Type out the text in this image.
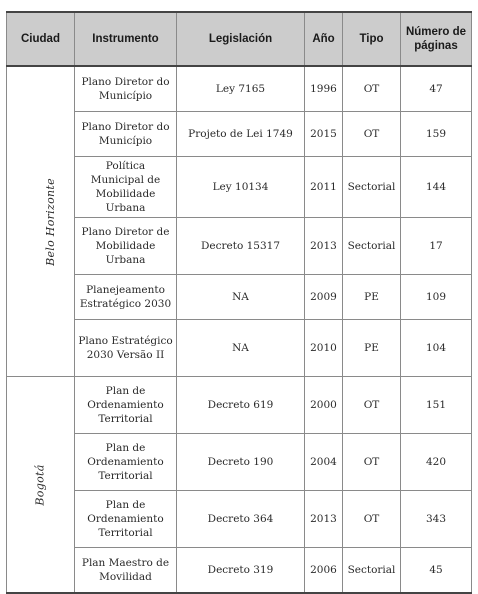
Ciudad	Instrumento	Legislación	Año	Tipo	Número de páginas
Belo Horizonte	Plano Diretor do Município	Ley 7165	1996	OT	47
	Plano Diretor do Município	Projeto de Lei 1749	2015	OT	159
	Política Municipal de Mobilidade Urbana	Ley 10134	2011	Sectorial	144
	Plano Diretor de Mobilidade Urbana	Decreto 15317	2013	Sectorial	17
	Planejeamento Estratégico 2030	NA	2009	PE	109
	Plano Estratégico 2030 Versão II	NA	2010	PE	104
Bogotá	Plan de Ordenamiento Territorial	Decreto 619	2000	OT	151
	Plan de Ordenamiento Territorial	Decreto 190	2004	OT	420
	Plan de Ordenamiento Territorial	Decreto 364	2013	OT	343
	Plan Maestro de Movilidad	Decreto 319	2006	Sectorial	45
